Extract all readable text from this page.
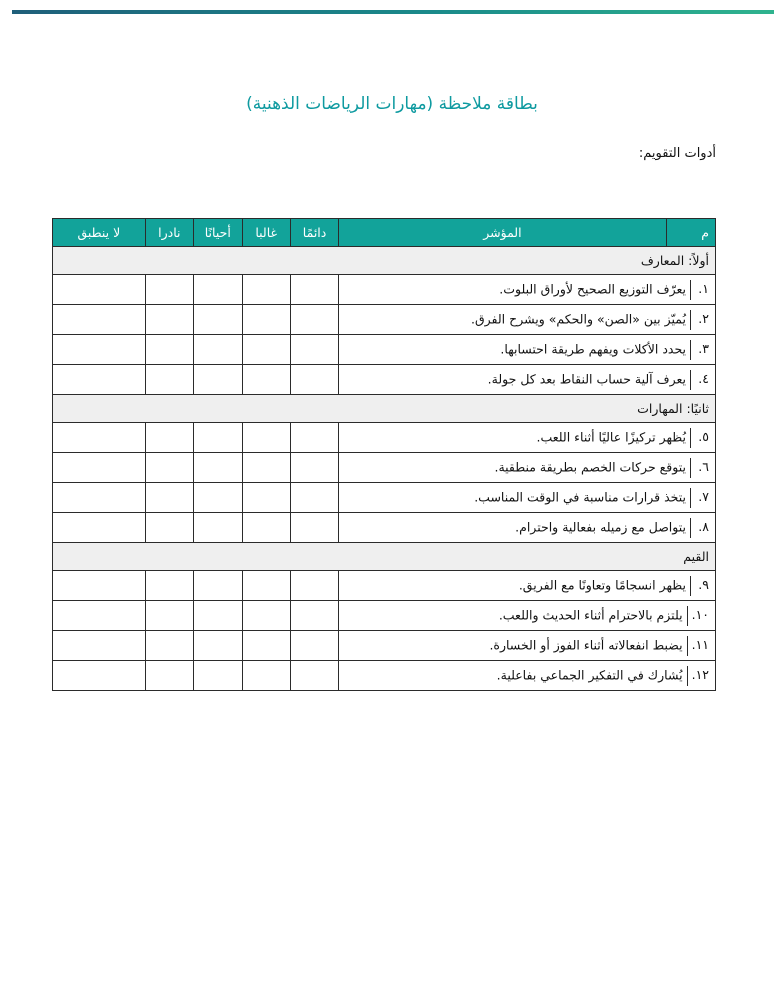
بطاقة ملاحظة (مهارات الرياضات الذهنية)
أدوات التقويم:
م	المؤشر	دائمًا	غالبا	أحيانًا	نادرا	لا ينطبق
أولاً: المعارف						
١.يعرّف التوزيع الصحيح لأوراق البلوت.						
٢.يُميّز بين «الصن» والحكم» ويشرح الفرق.						
٣.يحدد الأكلات ويفهم طريقة احتسابها.						
٤.يعرف آلية حساب النقاط بعد كل جولة.						
ثانيًا: المهارات						
٥.يُظهر تركيزًا عاليًا أثناء اللعب.						
٦.يتوقع حركات الخصم بطريقة منطقية.						
٧.يتخذ قرارات مناسبة في الوقت المناسب.						
٨.يتواصل مع زميله بفعالية واحترام.						
القيم						
٩.يظهر انسجامًا وتعاونًا مع الفريق.						
١٠.يلتزم بالاحترام أثناء الحديث واللعب.						
١١.يضبط انفعالاته أثناء الفوز أو الخسارة.						
١٢.يُشارك في التفكير الجماعي بفاعلية.						
